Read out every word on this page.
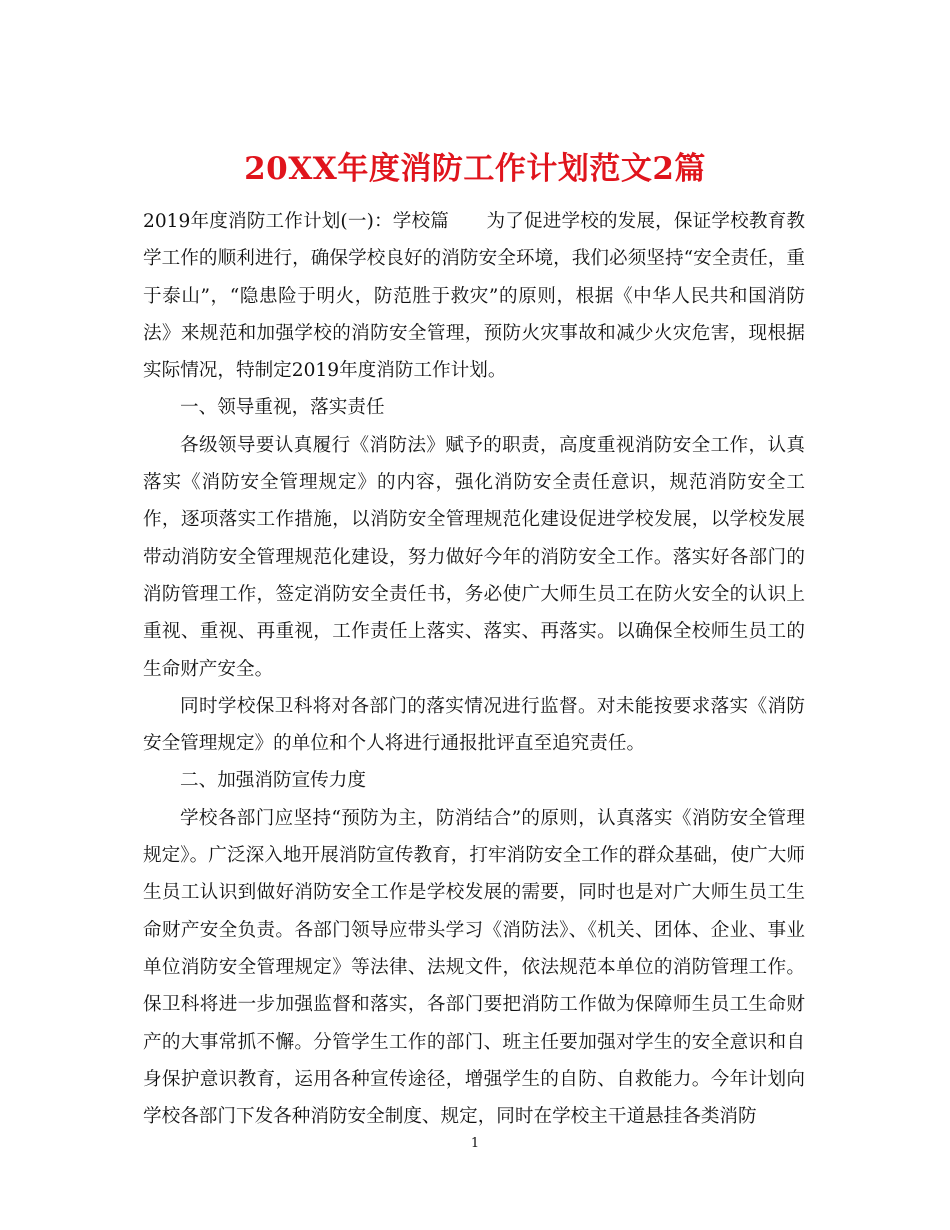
20XX年度消防工作计划范文2篇

2019年度消防工作计划(一)：学校篇　　为了促进学校的发展，保证学校教育教学工作的顺利进行，确保学校良好的消防安全环境，我们必须坚持“安全责任，重于泰山”，“隐患险于明火，防范胜于救灾”的原则，根据《中华人民共和国消防法》来规范和加强学校的消防安全管理，预防火灾事故和减少火灾危害，现根据实际情况，特制定2019年度消防工作计划。

一、领导重视，落实责任

各级领导要认真履行《消防法》赋予的职责，高度重视消防安全工作，认真落实《消防安全管理规定》的内容，强化消防安全责任意识，规范消防安全工作，逐项落实工作措施，以消防安全管理规范化建设促进学校发展，以学校发展带动消防安全管理规范化建设，努力做好今年的消防安全工作。落实好各部门的消防管理工作，签定消防安全责任书，务必使广大师生员工在防火安全的认识上重视、重视、再重视，工作责任上落实、落实、再落实。以确保全校师生员工的生命财产安全。

同时学校保卫科将对各部门的落实情况进行监督。对未能按要求落实《消防安全管理规定》的单位和个人将进行通报批评直至追究责任。

二、加强消防宣传力度

学校各部门应坚持“预防为主，防消结合”的原则，认真落实《消防安全管理规定》。广泛深入地开展消防宣传教育，打牢消防安全工作的群众基础，使广大师生员工认识到做好消防安全工作是学校发展的需要，同时也是对广大师生员工生命财产安全负责。各部门领导应带头学习《消防法》、《机关、团体、企业、事业单位消防安全管理规定》等法律、法规文件，依法规范本单位的消防管理工作。保卫科将进一步加强监督和落实，各部门要把消防工作做为保障师生员工生命财产的大事常抓不懈。分管学生工作的部门、班主任要加强对学生的安全意识和自身保护意识教育，运用各种宣传途径，增强学生的自防、自救能力。今年计划向学校各部门下发各种消防安全制度、规定，同时在学校主干道悬挂各类消防

1
